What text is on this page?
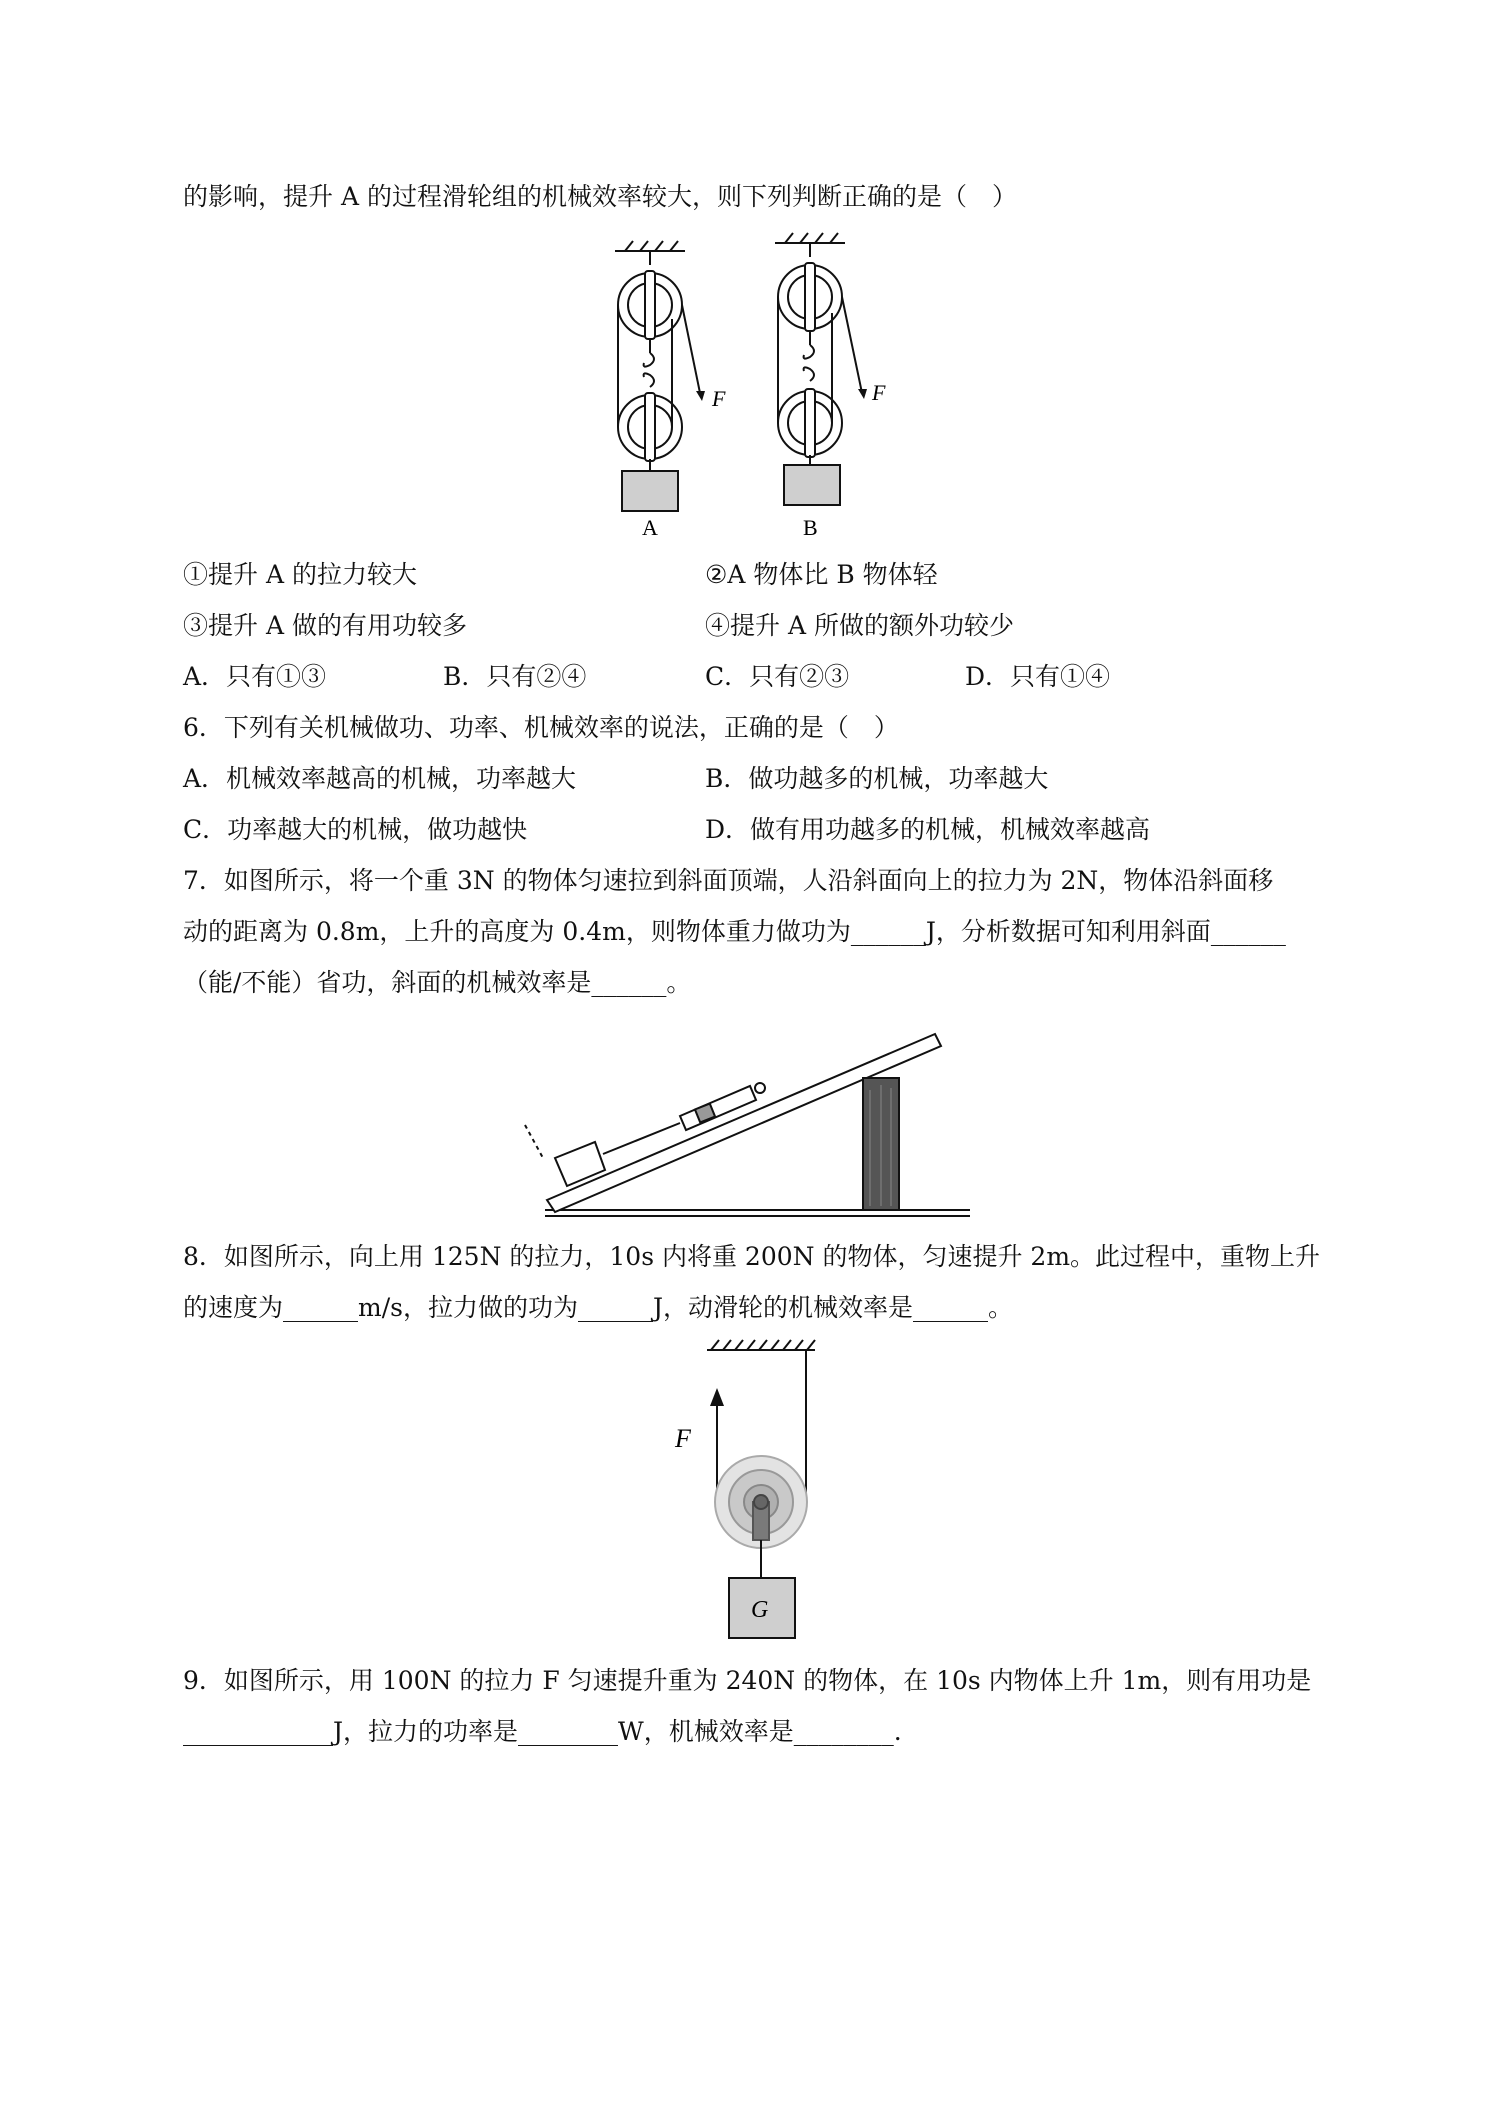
的影响，提升 A 的过程滑轮组的机械效率较大，则下列判断正确的是（　）
F	F
A	B
①提升 A 的拉力较大	②A 物体比 B 物体轻
③提升 A 做的有用功较多	④提升 A 所做的额外功较少
A．只有①③	B．只有②④	C．只有②③	D．只有①④
6．下列有关机械做功、功率、机械效率的说法，正确的是（　）
A．机械效率越高的机械，功率越大	B．做功越多的机械，功率越大
C．功率越大的机械，做功越快	D．做有用功越多的机械，机械效率越高
7．如图所示，将一个重 3N 的物体匀速拉到斜面顶端，人沿斜面向上的拉力为 2N，物体沿斜面移
动的距离为 0.8m，上升的高度为 0.4m，则物体重力做功为______J，分析数据可知利用斜面______
（能/不能）省功，斜面的机械效率是______。
8．如图所示，向上用 125N 的拉力，10s 内将重 200N 的物体，匀速提升 2m。此过程中，重物上升
的速度为______m/s，拉力做的功为______J，动滑轮的机械效率是______。
F
G
9．如图所示，用 100N 的拉力 F 匀速提升重为 240N 的物体，在 10s 内物体上升 1m，则有用功是
____________J，拉力的功率是________W，机械效率是________.
